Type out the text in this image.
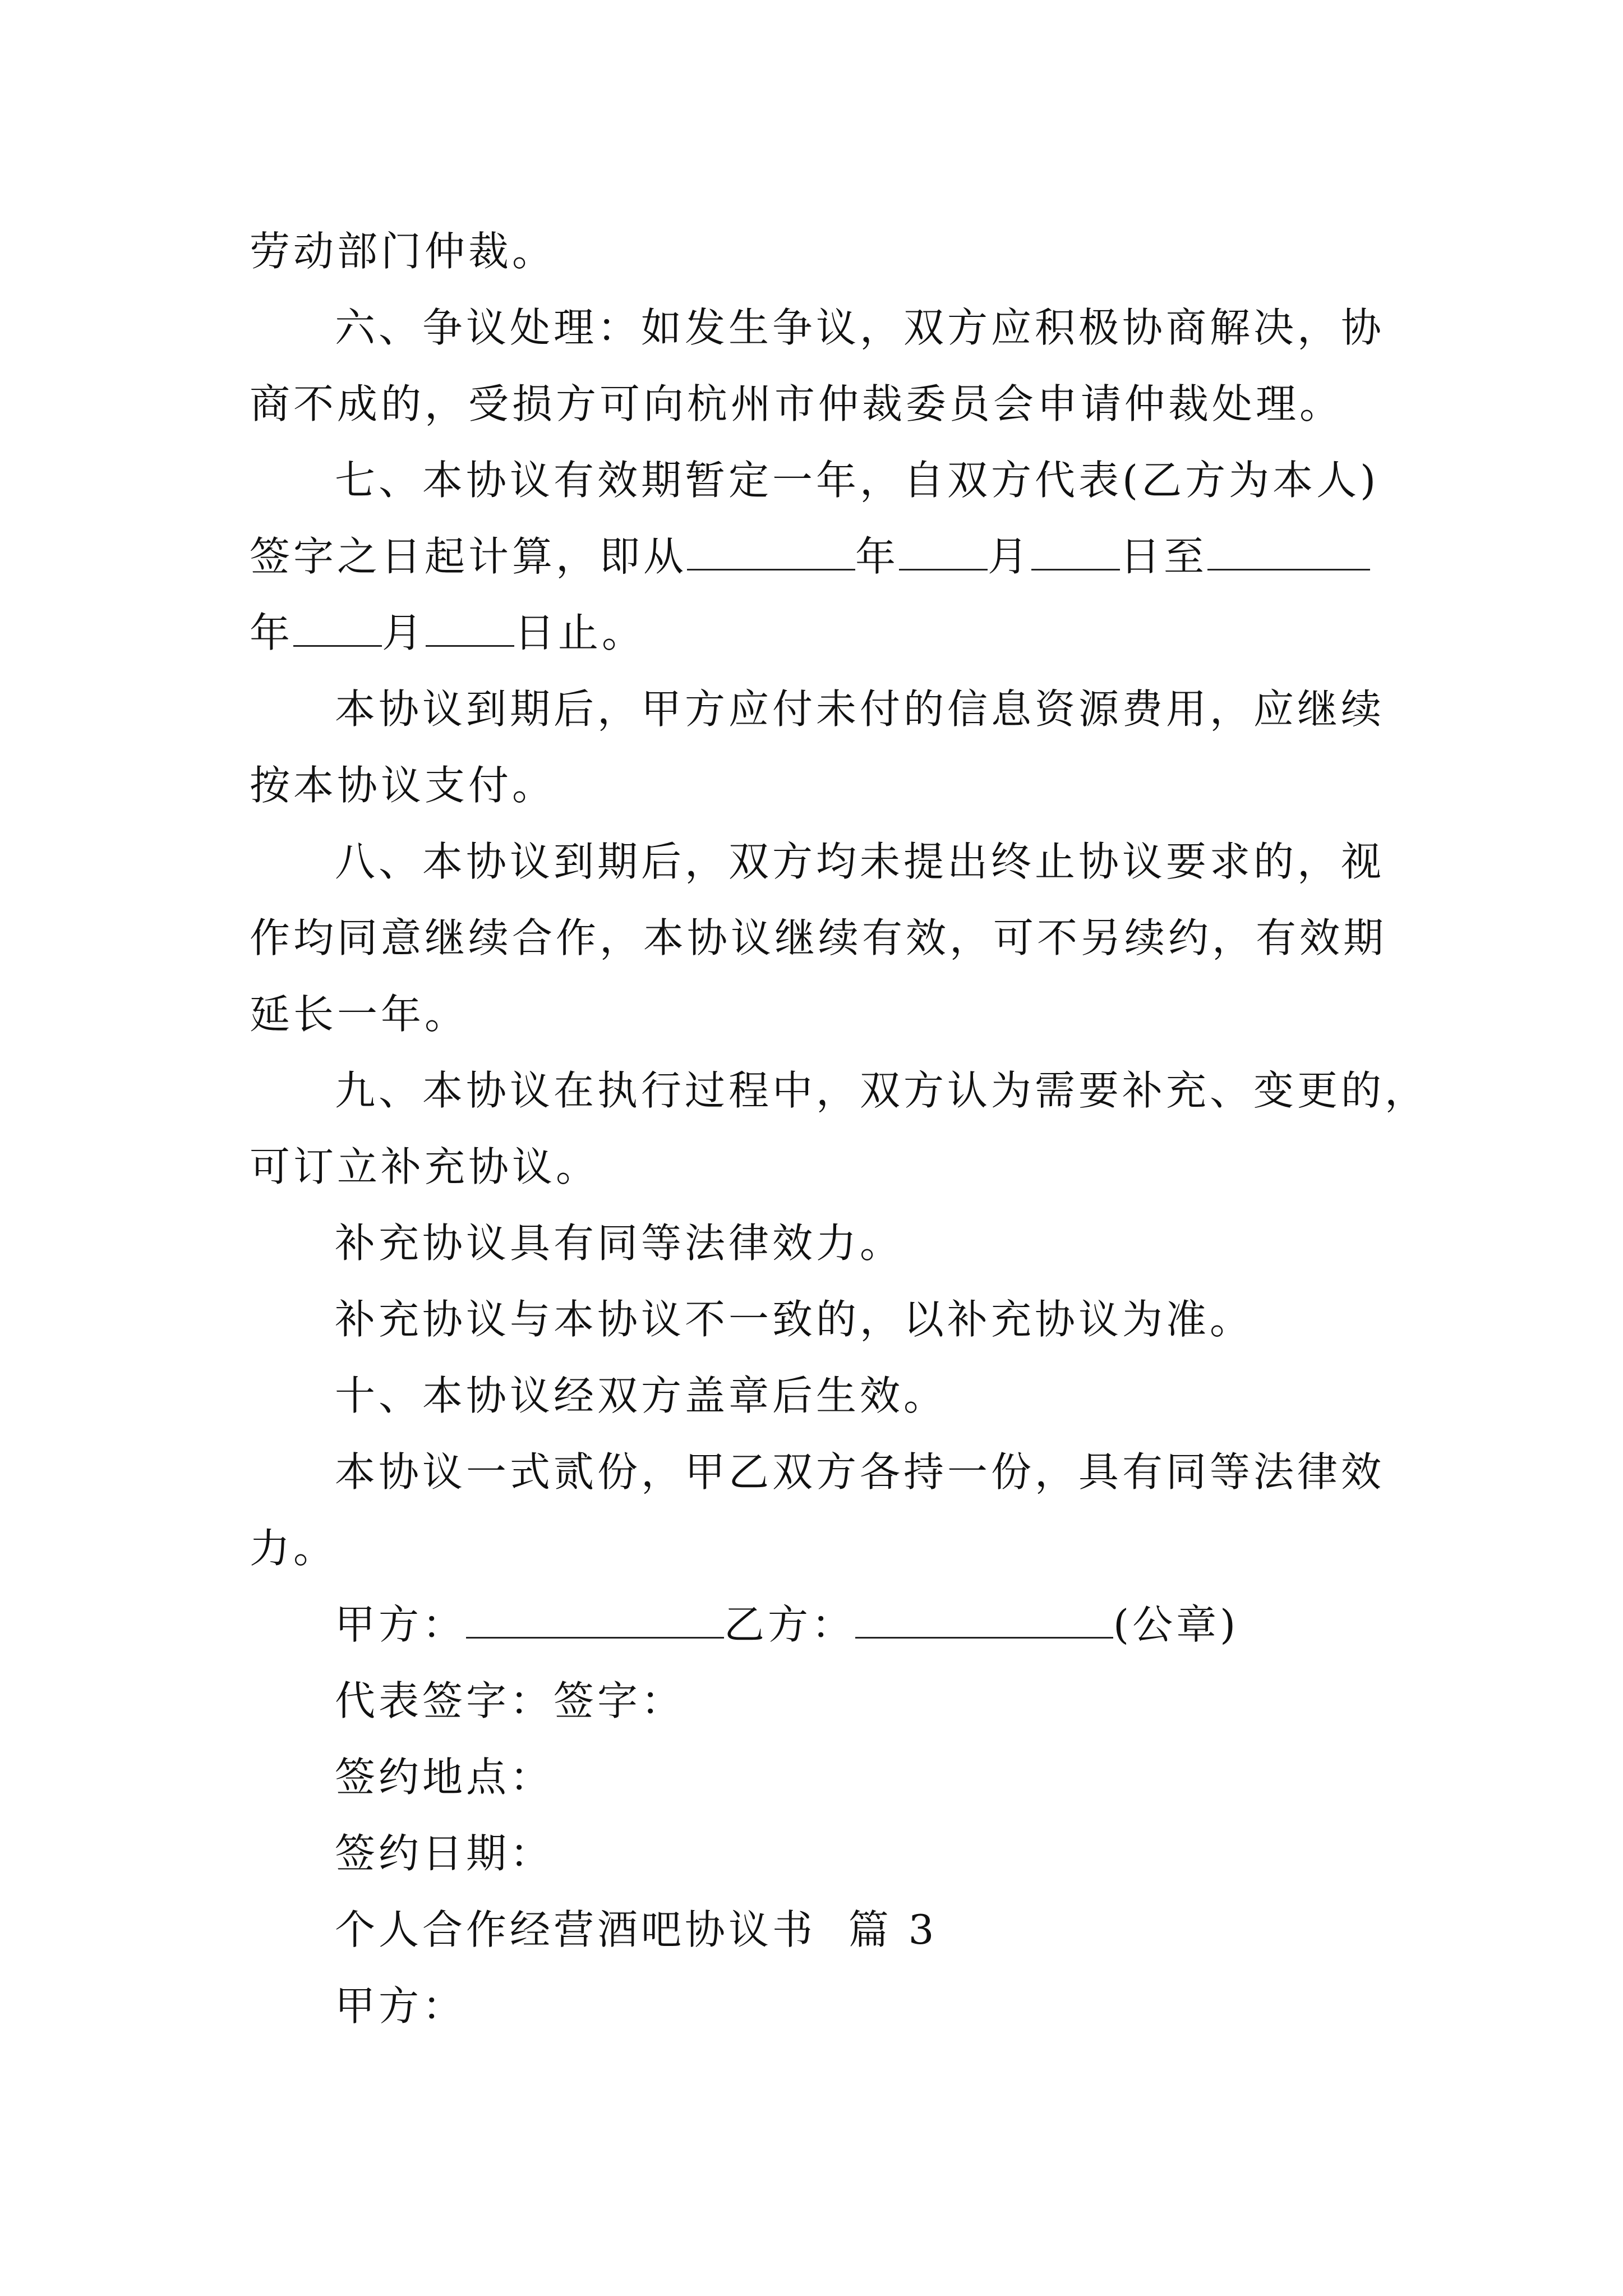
劳动部门仲裁。
六、争议处理：如发生争议，双方应积极协商解决，协
商不成的，受损方可向杭州市仲裁委员会申请仲裁处理。
七、本协议有效期暂定一年，自双方代表(乙方为本人)
签字之日起计算，即从	年 月 日至
年 月 日止。
本协议到期后，甲方应付未付的信息资源费用，应继续
按本协议支付。
八、本协议到期后，双方均未提出终止协议要求的，视
作均同意继续合作，本协议继续有效，可不另续约，有效期
延长一年。
九、本协议在执行过程中，双方认为需要补充、变更的，
可订立补充协议。
补充协议具有同等法律效力。
补充协议与本协议不一致的，以补充协议为准。
十、本协议经双方盖章后生效。
本协议一式贰份，甲乙双方各持一份，具有同等法律效
力。
甲方：	乙方：	(公章)
代表签字：签字：
签约地点：
签约日期：
个人合作经营酒吧协议书  篇 3
甲方：
